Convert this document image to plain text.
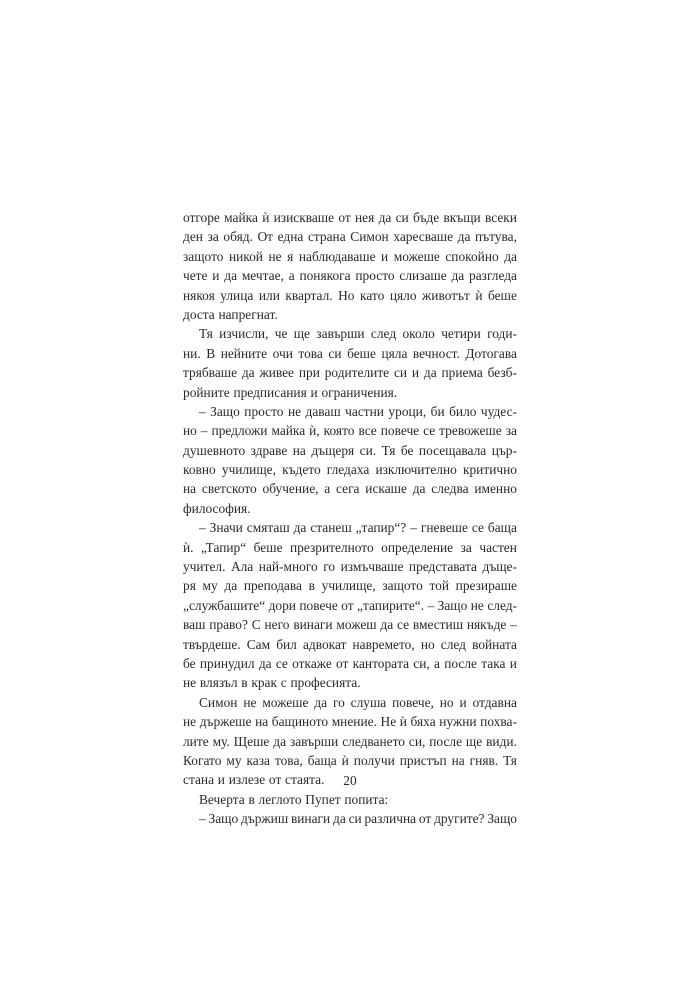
отгоре майка ѝ изискваше от нея да си бъде вкъщи всеки
ден за обяд. От една страна Симон харесваше да пътува,
защото никой не я наблюдаваше и можеше спокойно да
чете и да мечтае, а понякога просто слизаше да разгледа
някоя улица или квартал. Но като цяло животът ѝ беше
доста напрегнат.
Тя изчисли, че ще завърши след около четири годи-
ни. В нейните очи това си беше цяла вечност. Дотогава
трябваше да живее при родителите си и да приема безб-
ройните предписания и ограничения.
– Защо просто не даваш частни уроци, би било чудес-
но – предложи майка ѝ, която все повече се тревожеше за
душевното здраве на дъщеря си. Тя бе посещавала цър-
ковно училище, където гледаха изключително критично
на светското обучение, а сега искаше да следва именно
философия.
– Значи смяташ да станеш „тапир“? – гневеше се баща
ѝ. „Тапир“ беше презрителното определение за частен
учител. Ала най-много го измъчваше представата дъще-
ря му да преподава в училище, защото той презираше
„службашите“ дори повече от „тапирите“. – Защо не след-
ваш право? С него винаги можеш да се вместиш някъде –
твърдеше. Сам бил адвокат навремето, но след войната
бе принудил да се откаже от канторaта си, а после така и
не влязъл в крак с професията.
Симон не можеше да го слуша повече, но и отдавна
не държеше на бащиното мнение. Не ѝ бяха нужни похва-
лите му. Щеше да завърши следването си, после ще види.
Когато му каза това, баща ѝ получи пристъп на гняв. Тя
стана и излезе от стаята.
Вечерта в леглото Пупет попита:
– Защо държиш винаги да си различна от другите? Защо
20
